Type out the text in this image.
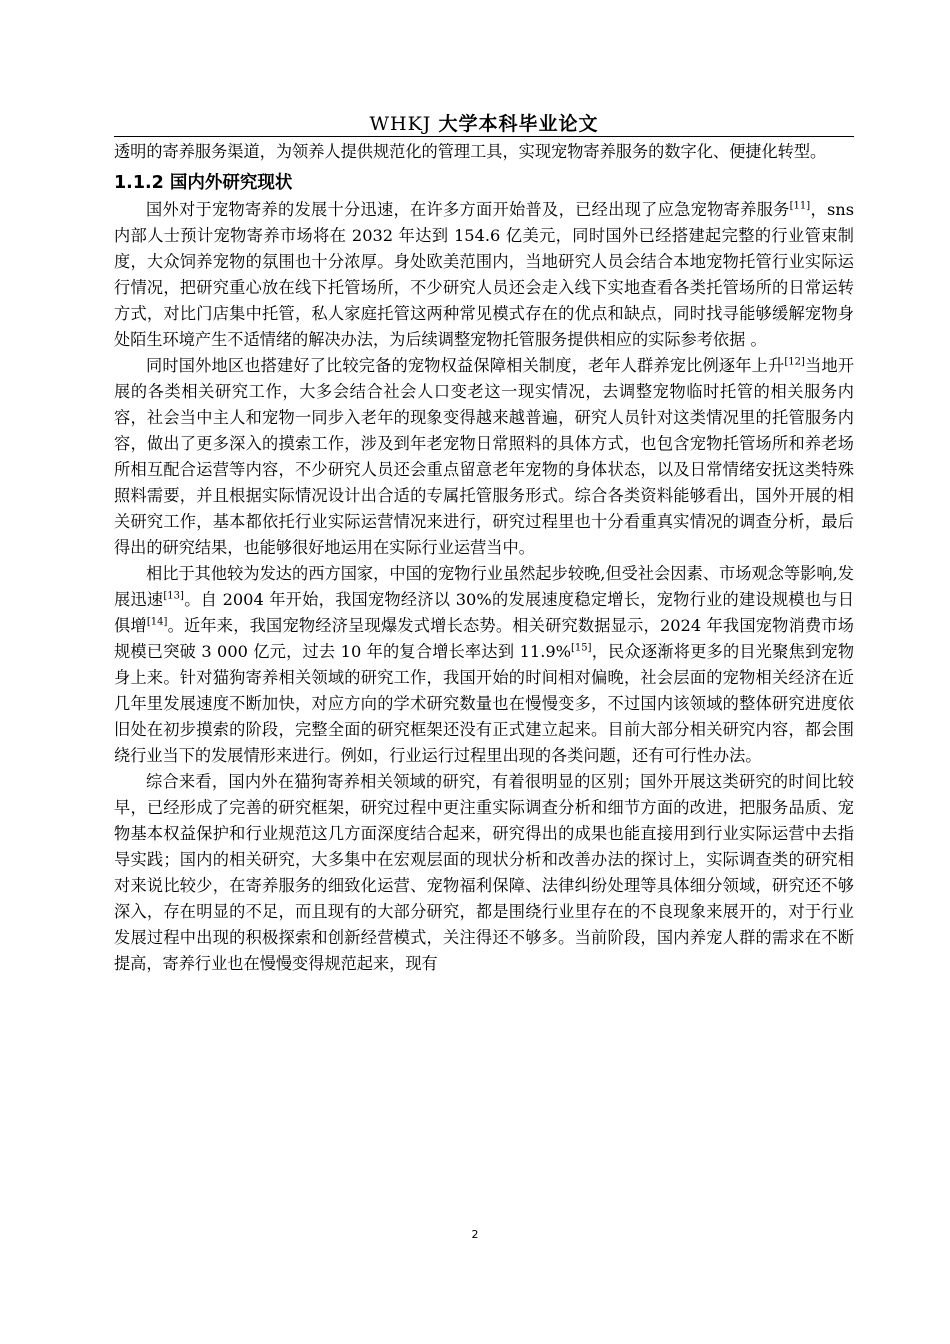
WHKJ 大学本科毕业论文

透明的寄养服务渠道，为领养人提供规范化的管理工具，实现宠物寄养服务的数字化、便捷化转型。

1.1.2 国内外研究现状

国外对于宠物寄养的发展十分迅速，在许多方面开始普及，已经出现了应急宠物寄养服务[11]，sns 内部人士预计宠物寄养市场将在 2032 年达到 154.6 亿美元，同时国外已经搭建起完整的行业管束制度，大众饲养宠物的氛围也十分浓厚。身处欧美范围内，当地研究人员会结合本地宠物托管行业实际运行情况，把研究重心放在线下托管场所，不少研究人员还会走入线下实地查看各类托管场所的日常运转方式，对比门店集中托管，私人家庭托管这两种常见模式存在的优点和缺点，同时找寻能够缓解宠物身处陌生环境产生不适情绪的解决办法，为后续调整宠物托管服务提供相应的实际参考依据 。

同时国外地区也搭建好了比较完备的宠物权益保障相关制度，老年人群养宠比例逐年上升[12]当地开展的各类相关研究工作，大多会结合社会人口变老这一现实情况，去调整宠物临时托管的相关服务内容，社会当中主人和宠物一同步入老年的现象变得越来越普遍，研究人员针对这类情况里的托管服务内容，做出了更多深入的摸索工作，涉及到年老宠物日常照料的具体方式，也包含宠物托管场所和养老场所相互配合运营等内容，不少研究人员还会重点留意老年宠物的身体状态，以及日常情绪安抚这类特殊照料需要，并且根据实际情况设计出合适的专属托管服务形式。综合各类资料能够看出，国外开展的相关研究工作，基本都依托行业实际运营情况来进行，研究过程里也十分看重真实情况的调查分析，最后得出的研究结果，也能够很好地运用在实际行业运营当中。

相比于其他较为发达的西方国家，中国的宠物行业虽然起步较晚,但受社会因素、市场观念等影响,发展迅速[13]。自 2004 年开始，我国宠物经济以 30%的发展速度稳定增长，宠物行业的建设规模也与日俱增[14]。近年来，我国宠物经济呈现爆发式增长态势。相关研究数据显示，2024 年我国宠物消费市场规模已突破 3 000 亿元，过去 10 年的复合增长率达到 11.9%[15]，民众逐渐将更多的目光聚焦到宠物身上来。针对猫狗寄养相关领域的研究工作，我国开始的时间相对偏晚，社会层面的宠物相关经济在近几年里发展速度不断加快，对应方向的学术研究数量也在慢慢变多，不过国内该领域的整体研究进度依旧处在初步摸索的阶段，完整全面的研究框架还没有正式建立起来。目前大部分相关研究内容，都会围绕行业当下的发展情形来进行。例如，行业运行过程里出现的各类问题，还有可行性办法。

综合来看，国内外在猫狗寄养相关领域的研究，有着很明显的区别；国外开展这类研究的时间比较早，已经形成了完善的研究框架，研究过程中更注重实际调查分析和细节方面的改进，把服务品质、宠物基本权益保护和行业规范这几方面深度结合起来，研究得出的成果也能直接用到行业实际运营中去指导实践；国内的相关研究，大多集中在宏观层面的现状分析和改善办法的探讨上，实际调查类的研究相对来说比较少，在寄养服务的细致化运营、宠物福利保障、法律纠纷处理等具体细分领域，研究还不够深入，存在明显的不足，而且现有的大部分研究，都是围绕行业里存在的不良现象来展开的，对于行业发展过程中出现的积极探索和创新经营模式，关注得还不够多。当前阶段，国内养宠人群的需求在不断提高，寄养行业也在慢慢变得规范起来，现有

2
